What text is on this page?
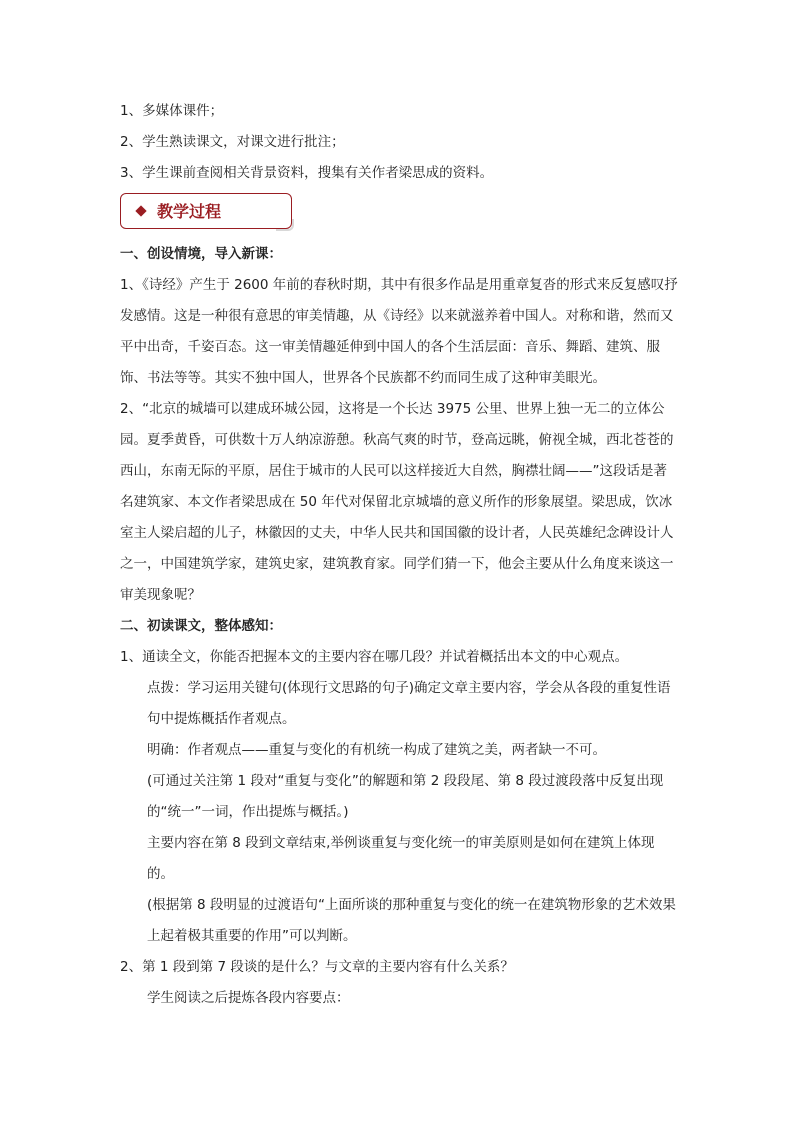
1、多媒体课件；

2、学生熟读课文，对课文进行批注；

3、学生课前查阅相关背景资料，搜集有关作者梁思成的资料。

教学过程

一、创设情境，导入新课：

1、《诗经》产生于 2600 年前的春秋时期，其中有很多作品是用重章复沓的形式来反复感叹抒发感情。这是一种很有意思的审美情趣，从《诗经》以来就滋养着中国人。对称和谐，然而又平中出奇，千姿百态。这一审美情趣延伸到中国人的各个生活层面：音乐、舞蹈、建筑、服饰、书法等等。其实不独中国人，世界各个民族都不约而同生成了这种审美眼光。

2、“北京的城墙可以建成环城公园，这将是一个长达 3975 公里、世界上独一无二的立体公园。夏季黄昏，可供数十万人纳凉游憩。秋高气爽的时节，登高远眺，俯视全城，西北苍苍的西山，东南无际的平原，居住于城市的人民可以这样接近大自然，胸襟壮阔——”这段话是著名建筑家、本文作者梁思成在 50 年代对保留北京城墙的意义所作的形象展望。梁思成，饮冰室主人梁启超的儿子，林徽因的丈夫，中华人民共和国国徽的设计者，人民英雄纪念碑设计人之一，中国建筑学家，建筑史家，建筑教育家。同学们猜一下，他会主要从什么角度来谈这一审美现象呢？

二、初读课文，整体感知：

1、通读全文，你能否把握本文的主要内容在哪几段？并试着概括出本文的中心观点。

点拨：学习运用关键句(体现行文思路的句子)确定文章主要内容，学会从各段的重复性语句中提炼概括作者观点。

明确：作者观点——重复与变化的有机统一构成了建筑之美，两者缺一不可。

(可通过关注第 1 段对“重复与变化”的解题和第 2 段段尾、第 8 段过渡段落中反复出现的“统一”一词，作出提炼与概括。)

主要内容在第 8 段到文章结束,举例谈重复与变化统一的审美原则是如何在建筑上体现的。

(根据第 8 段明显的过渡语句“上面所谈的那种重复与变化的统一在建筑物形象的艺术效果上起着极其重要的作用”可以判断。

2、第 1 段到第 7 段谈的是什么？与文章的主要内容有什么关系？

学生阅读之后提炼各段内容要点：
